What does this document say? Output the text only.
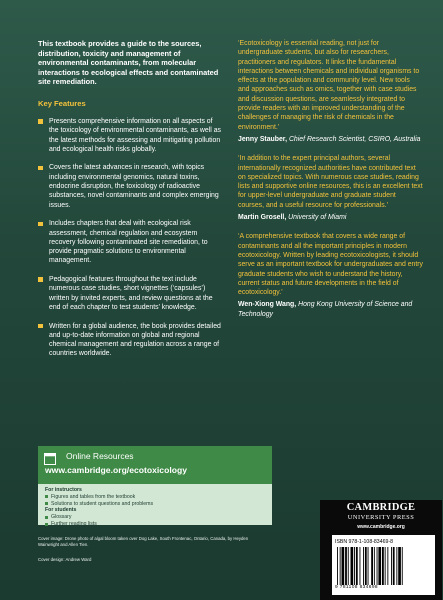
This textbook provides a guide to the sources, distribution, toxicity and management of environmental contaminants, from molecular interactions to ecological effects and contaminated site remediation.

Key Features

Presents comprehensive information on all aspects of the toxicology of environmental contaminants, as well as the latest methods for assessing and mitigating pollution and ecological health risks globally.
Covers the latest advances in research, with topics including environmental genomics, natural toxins, endocrine disruption, the toxicology of radioactive substances, novel contaminants and complex emerging issues.
Includes chapters that deal with ecological risk assessment, chemical regulation and ecosystem recovery following contaminated site remediation, to provide pragmatic solutions to environmental management.
Pedagogical features throughout the text include numerous case studies, short vignettes (‘capsules’) written by invited experts, and review questions at the end of each chapter to test students’ knowledge.
Written for a global audience, the book provides detailed and up-to-date information on global and regional chemical management and regulation across a range of countries worldwide.

‘Ecotoxicology is essential reading, not just for undergraduate students, but also for researchers, practitioners and regulators. It links the fundamental interactions between chemicals and individual organisms to effects at the population and community level. New tools and approaches such as omics, together with case studies and discussion questions, are seamlessly integrated to provide readers with an improved understanding of the challenges of managing the risk of chemicals in the environment.’

Jenny Stauber, Chief Research Scientist, CSIRO, Australia

‘In addition to the expert principal authors, several internationally recognized authorities have contributed text on specialized topics. With numerous case studies, reading lists and supportive online resources, this is an excellent text for upper-level undergraduate and graduate student courses, and a useful resource for professionals.’

Martin Grosell, University of Miami

‘A comprehensive textbook that covers a wide range of contaminants and all the important principles in modern ecotoxicology. Written by leading ecotoxicologists, it should serve as an important textbook for undergraduates and entry graduate students who wish to understand the history, current status and future developments in the field of ecotoxicology.’

Wen-Xiong Wang, Hong Kong University of Science and Technology

Online Resources

www.cambridge.org/ecotoxicology

For instructors

Figures and tables from the textbook

Solutions to student questions and problems

For students

Glossary

Further reading lists

Cover image: Drone photo of algal bloom taken over Dog Lake, South Frontenac, Ontario, Canada, by Heyden Wainwright and Allen Tien.

Cover design: Andrew Ward

CAMBRIDGE

UNIVERSITY PRESS

www.cambridge.org

ISBN 978-1-108-83469-8

9 781108 834698
